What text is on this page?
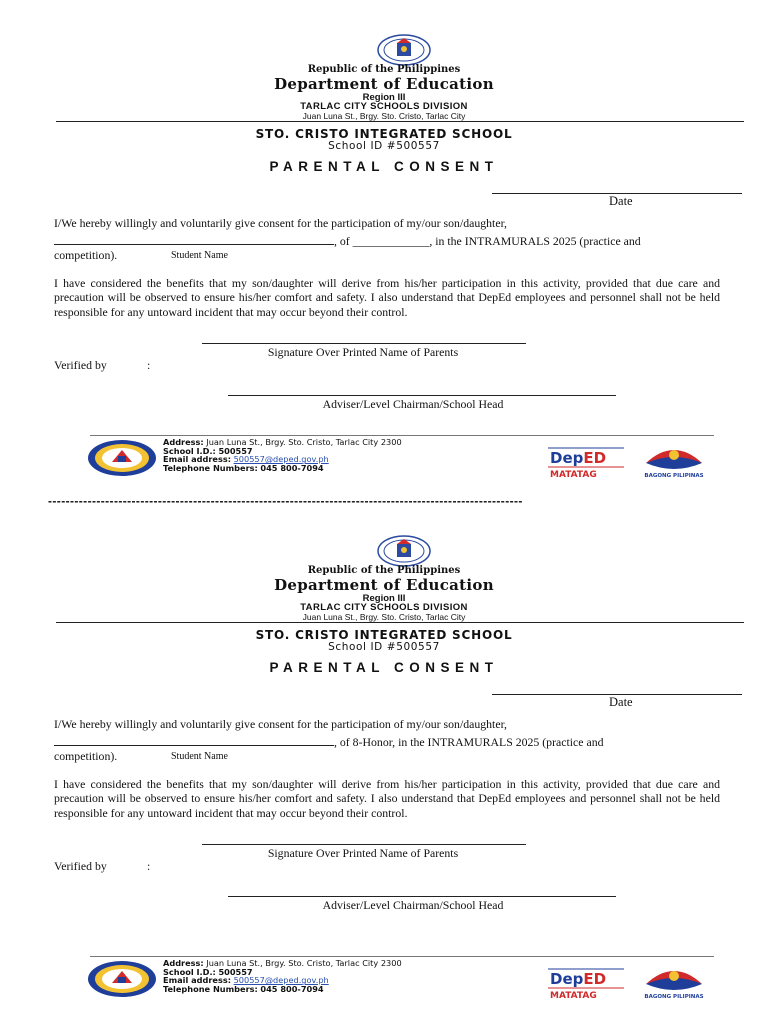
Republic of the Philippines
Department of Education
Region III
TARLAC CITY SCHOOLS DIVISION
Juan Luna St., Brgy. Sto. Cristo, Tarlac City
STO. CRISTO INTEGRATED SCHOOL
School ID #500557
PARENTAL CONSENT
Date
I/We hereby willingly and voluntarily give consent for the participation of my/our son/daughter,
, of _____________, in the INTRAMURALS 2025 (practice and
competition).	Student Name
I have considered the benefits that my son/daughter will derive from his/her participation in this activity, provided that due care and precaution will be observed to ensure his/her comfort and safety. I also understand that DepEd employees and personnel shall not be held responsible for any untoward incident that may occur beyond their control.
Signature Over Printed Name of Parents
Verified by	:
Adviser/Level Chairman/School Head
Address: Juan Luna St., Brgy. Sto. Cristo, Tarlac City 2300
School I.D.: 500557
Email address: 500557@deped.gov.ph
Telephone Numbers: 045 800-7094
DepED
MATATAG	BAGONG PILIPINAS
------------------------------------------------------------------------------------------------------------
Republic of the Philippines
Department of Education
Region III
TARLAC CITY SCHOOLS DIVISION
Juan Luna St., Brgy. Sto. Cristo, Tarlac City
STO. CRISTO INTEGRATED SCHOOL
School ID #500557
PARENTAL CONSENT
Date
I/We hereby willingly and voluntarily give consent for the participation of my/our son/daughter,
, of 8-Honor, in the INTRAMURALS 2025 (practice and
competition).	Student Name
I have considered the benefits that my son/daughter will derive from his/her participation in this activity, provided that due care and precaution will be observed to ensure his/her comfort and safety. I also understand that DepEd employees and personnel shall not be held responsible for any untoward incident that may occur beyond their control.
Signature Over Printed Name of Parents
Verified by	:
Adviser/Level Chairman/School Head
Address: Juan Luna St., Brgy. Sto. Cristo, Tarlac City 2300
School I.D.: 500557
Email address: 500557@deped.gov.ph
Telephone Numbers: 045 800-7094
DepED
MATATAG	BAGONG PILIPINAS
